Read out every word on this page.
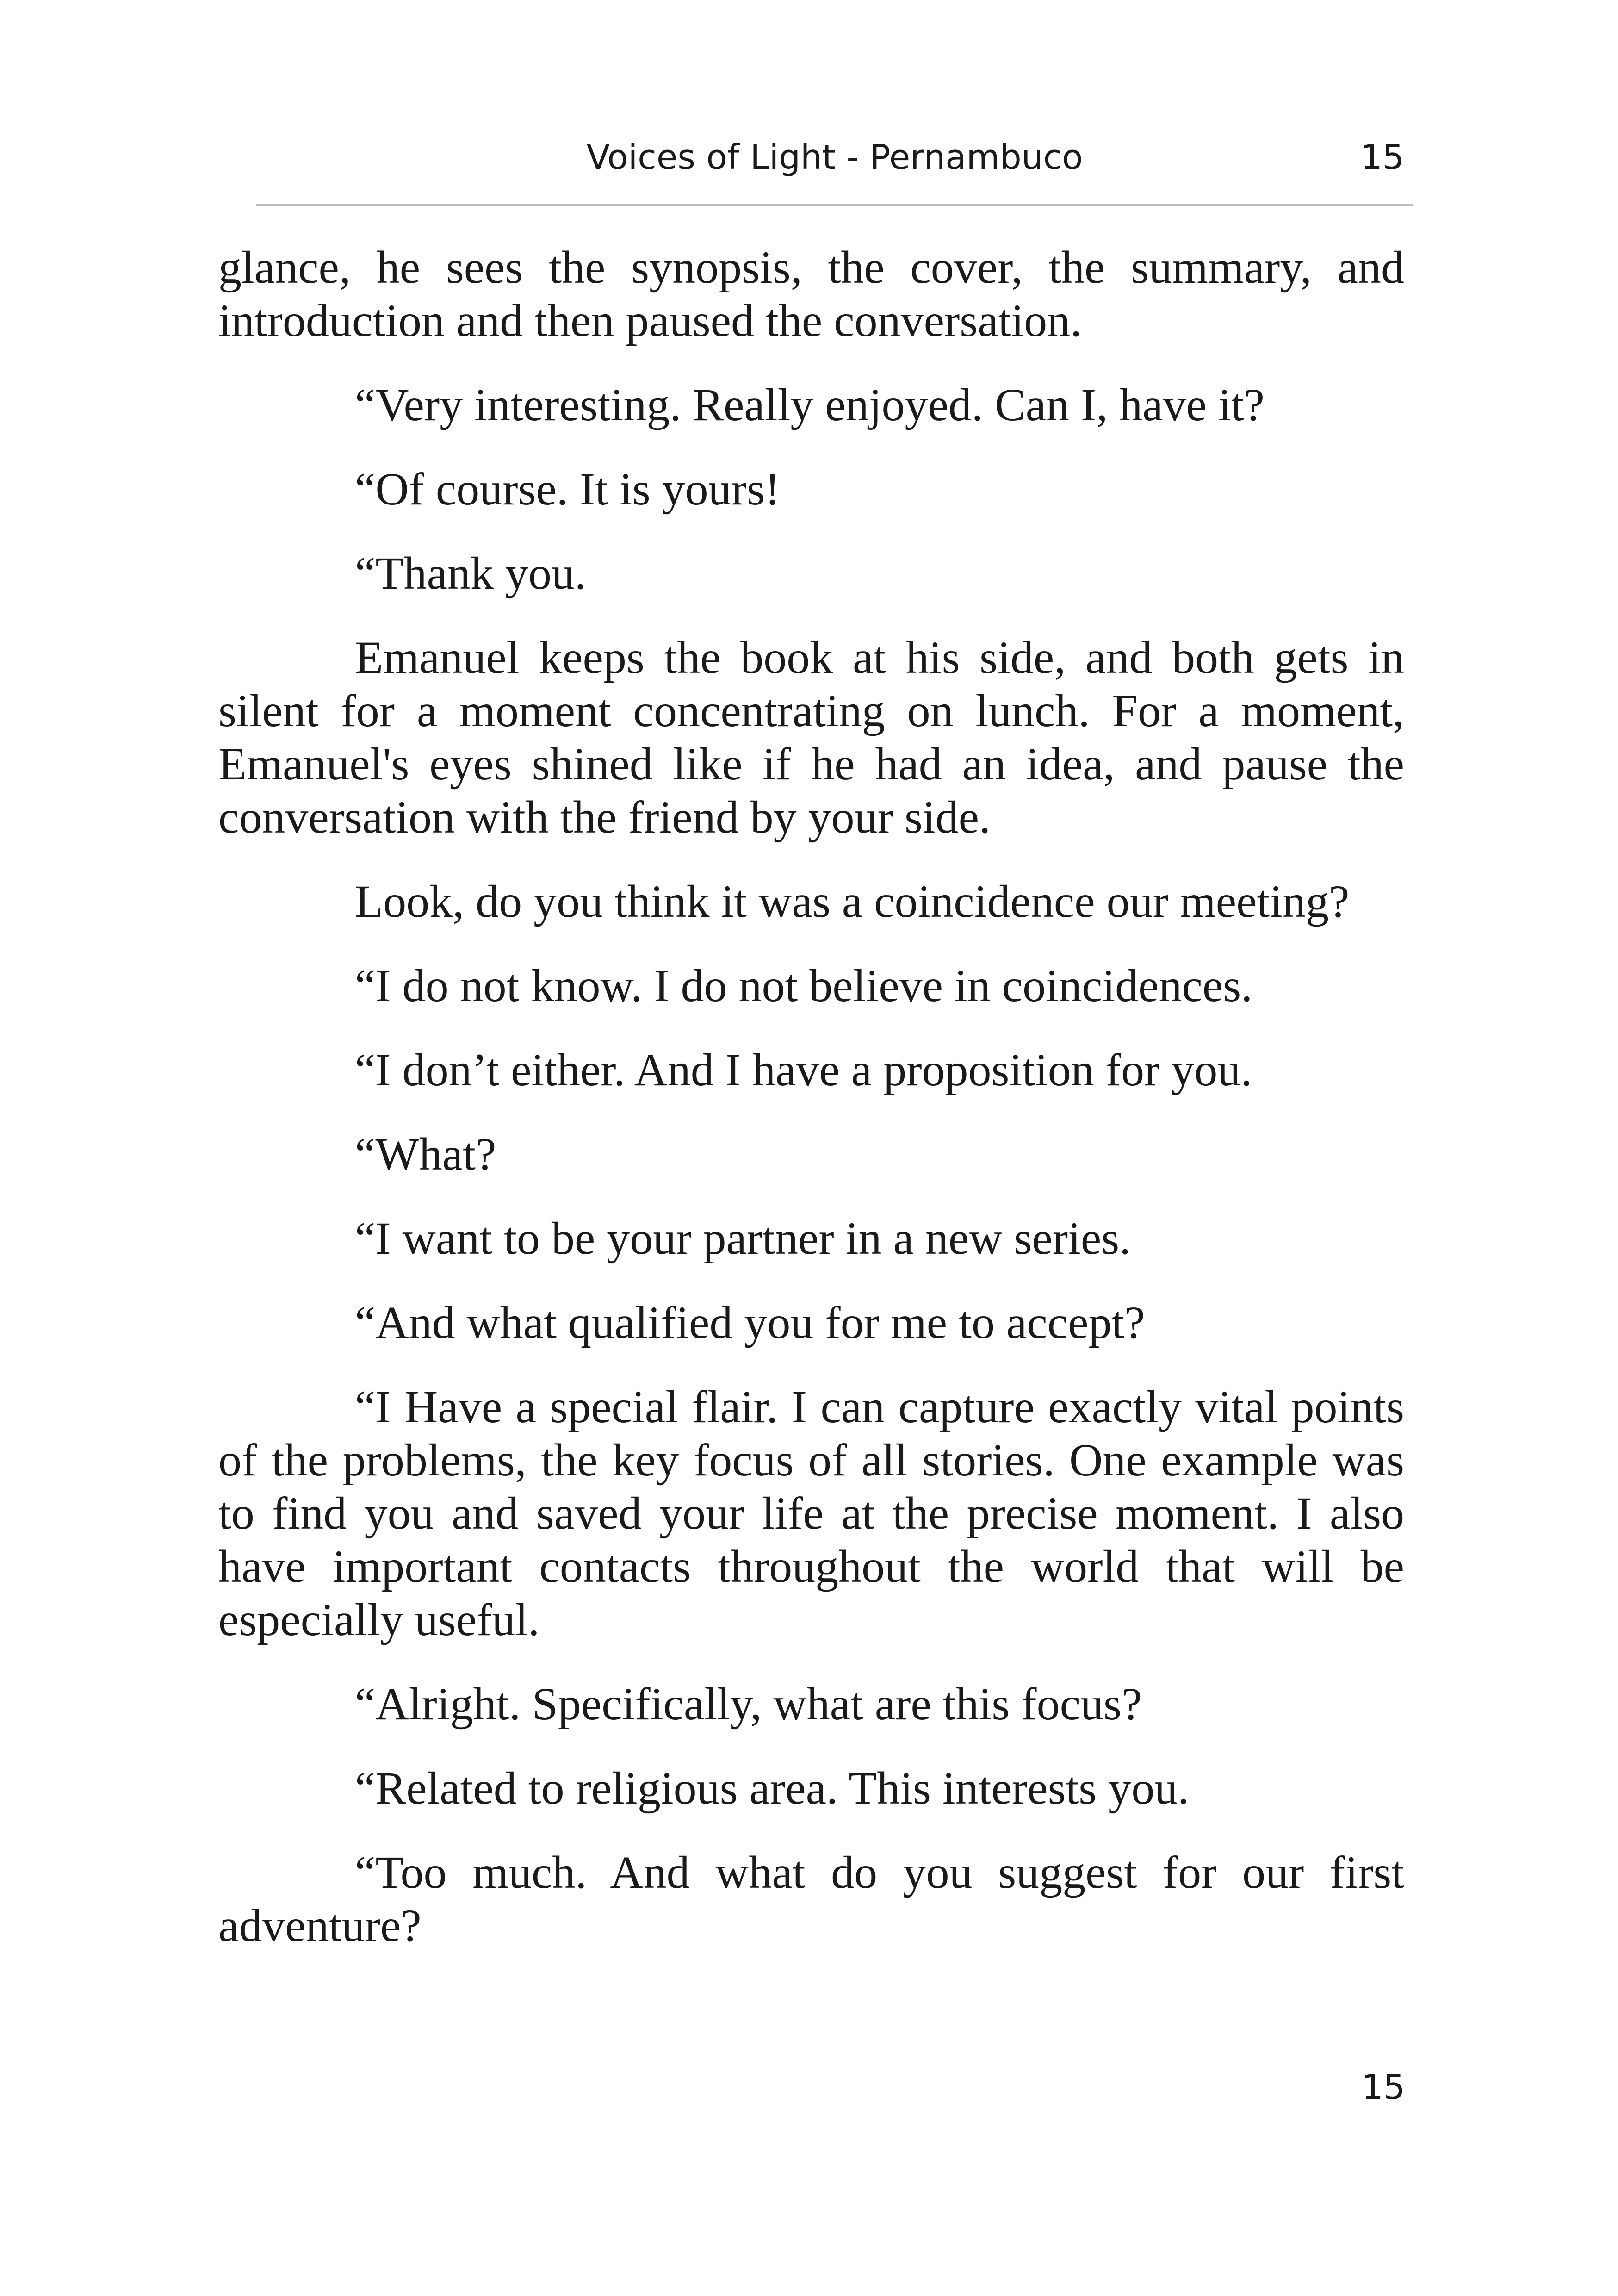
Voices of Light - Pernambuco	15

glance, he sees the synopsis, the cover, the summary, and introduction and then paused the conversation.

“Very interesting. Really enjoyed. Can I, have it?

“Of course. It is yours!

“Thank you.

Emanuel keeps the book at his side, and both gets in silent for a moment concentrating on lunch. For a moment, Emanuel's eyes shined like if he had an idea, and pause the conversation with the friend by your side.

Look, do you think it was a coincidence our meeting?

“I do not know. I do not believe in coincidences.

“I don’t either. And I have a proposition for you.

“What?

“I want to be your partner in a new series.

“And what qualified you for me to accept?

“I Have a special flair. I can capture exactly vital points of the problems, the key focus of all stories. One example was to find you and saved your life at the precise moment. I also have important contacts throughout the world that will be especially useful.

“Alright. Specifically, what are this focus?

“Related to religious area. This interests you.

“Too much. And what do you suggest for our first adventure?

15
